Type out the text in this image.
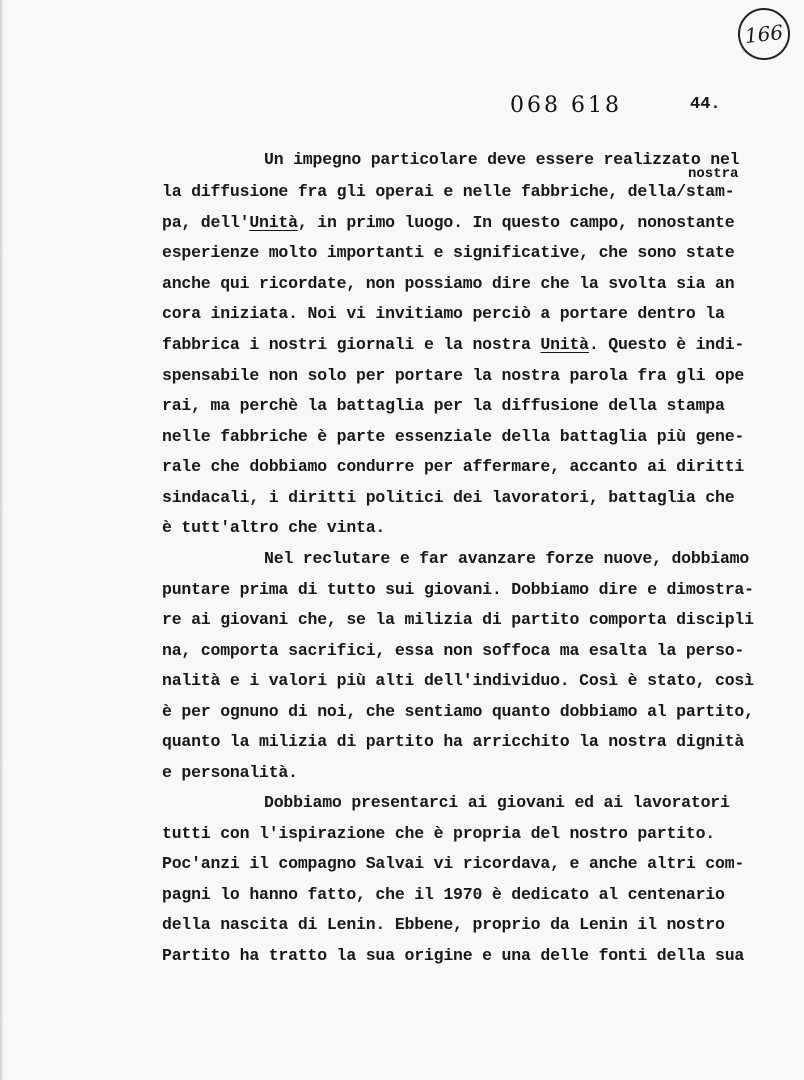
166
068 618	44.
Un impegno particolare deve essere realizzato nel
la diffusione fra gli operai e nelle fabbriche, della/stam-
nostra
pa, dell'Unità, in primo luogo. In questo campo, nonostante
esperienze molto importanti e significative, che sono state
anche qui ricordate, non possiamo dire che la svolta sia an
cora iniziata. Noi vi invitiamo perciò a portare dentro la
fabbrica i nostri giornali e la nostra Unità. Questo è indi-
spensabile non solo per portare la nostra parola fra gli ope
rai, ma perchè la battaglia per la diffusione della stampa
nelle fabbriche è parte essenziale della battaglia più gene-
rale che dobbiamo condurre per affermare, accanto ai diritti
sindacali, i diritti politici dei lavoratori, battaglia che
è tutt'altro che vinta.
Nel reclutare e far avanzare forze nuove, dobbiamo
puntare prima di tutto sui giovani. Dobbiamo dire e dimostra-
re ai giovani che, se la milizia di partito comporta discipli
na, comporta sacrifici, essa non soffoca ma esalta la perso-
nalità e i valori più alti dell'individuo. Così è stato, così
è per ognuno di noi, che sentiamo quanto dobbiamo al partito,
quanto la milizia di partito ha arricchito la nostra dignità
e personalità.
Dobbiamo presentarci ai giovani ed ai lavoratori
tutti con l'ispirazione che è propria del nostro partito.
Poc'anzi il compagno Salvai vi ricordava, e anche altri com-
pagni lo hanno fatto, che il 1970 è dedicato al centenario
della nascita di Lenin. Ebbene, proprio da Lenin il nostro
Partito ha tratto la sua origine e una delle fonti della sua
